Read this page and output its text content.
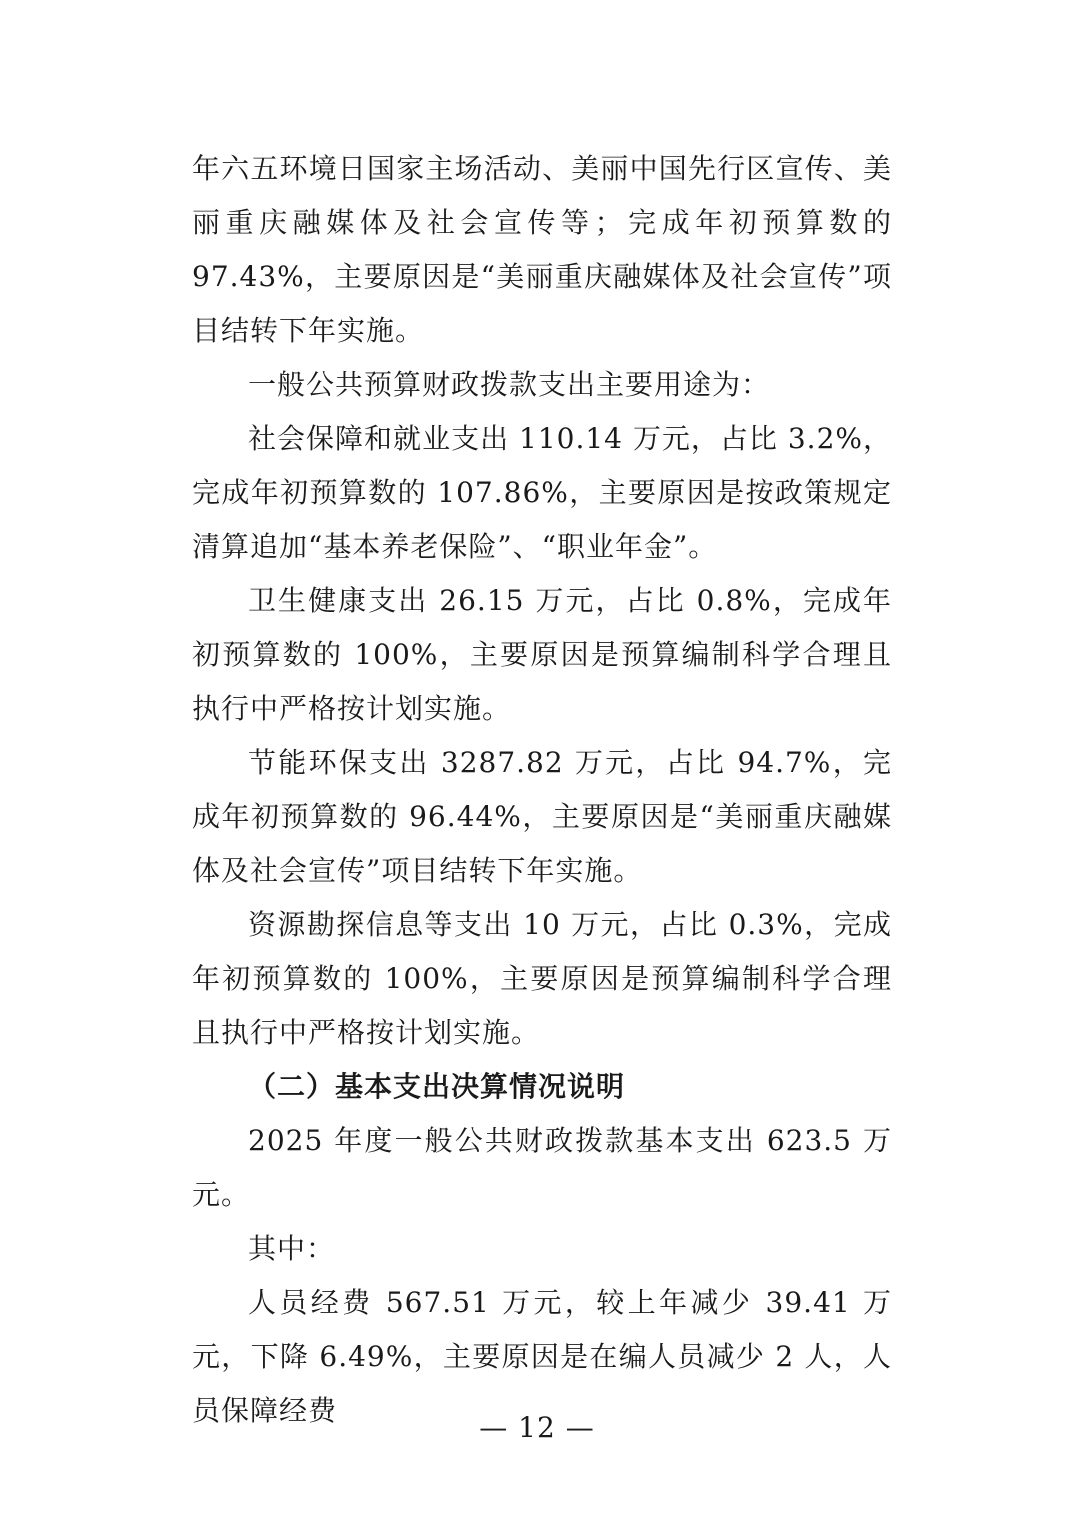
年六五环境日国家主场活动、美丽中国先行区宣传、美丽重庆融媒体及社会宣传等；完成年初预算数的 97.43%，主要原因是“美丽重庆融媒体及社会宣传”项目结转下年实施。

一般公共预算财政拨款支出主要用途为：

社会保障和就业支出 110.14 万元，占比 3.2%，完成年初预算数的 107.86%，主要原因是按政策规定清算追加“基本养老保险”、“职业年金”。

卫生健康支出 26.15 万元，占比 0.8%，完成年初预算数的 100%，主要原因是预算编制科学合理且执行中严格按计划实施。

节能环保支出 3287.82 万元，占比 94.7%，完成年初预算数的 96.44%，主要原因是“美丽重庆融媒体及社会宣传”项目结转下年实施。

资源勘探信息等支出 10 万元，占比 0.3%，完成年初预算数的 100%，主要原因是预算编制科学合理且执行中严格按计划实施。

（二）基本支出决算情况说明

2025 年度一般公共财政拨款基本支出 623.5 万元。

其中：

人员经费 567.51 万元，较上年减少 39.41 万元，下降 6.49%，主要原因是在编人员减少 2 人，人员保障经费

— 12 —
